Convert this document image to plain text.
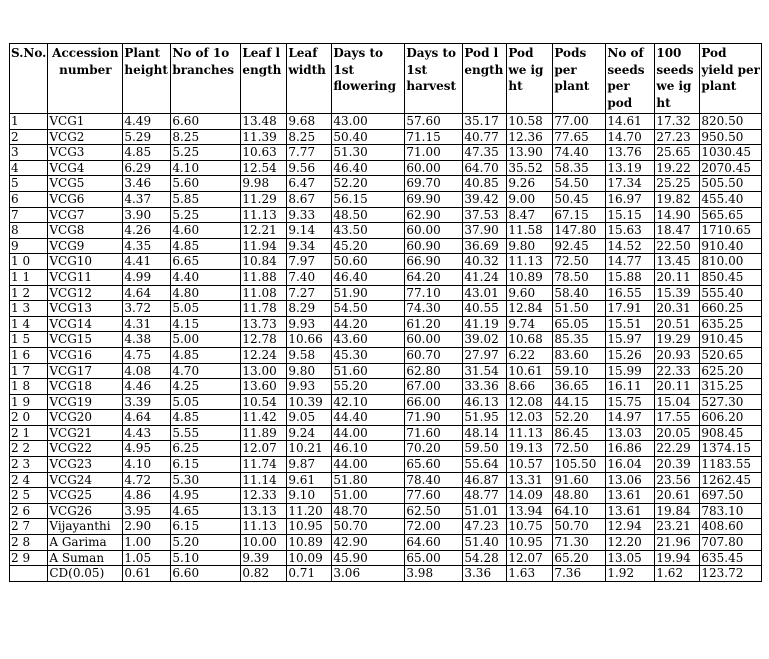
S.No.	Accession number	Plant height	No of 1o branches	Leaf l ength	Leaf width	Days to 1st flowering	Days to 1st harvest	Pod l ength	Pod we ig ht	Pods per plant	No of seeds per pod	100 seeds we ig ht	Pod yield per plant
1	VCG1	4.49	6.60	13.48	9.68	43.00	57.60	35.17	10.58	77.00	14.61	17.32	820.50
2	VCG2	5.29	8.25	11.39	8.25	50.40	71.15	40.77	12.36	77.65	14.70	27.23	950.50
3	VCG3	4.85	5.25	10.63	7.77	51.30	71.00	47.35	13.90	74.40	13.76	25.65	1030.45
4	VCG4	6.29	4.10	12.54	9.56	46.40	60.00	64.70	35.52	58.35	13.19	19.22	2070.45
5	VCG5	3.46	5.60	9.98	6.47	52.20	69.70	40.85	9.26	54.50	17.34	25.25	505.50
6	VCG6	4.37	5.85	11.29	8.67	56.15	69.90	39.42	9.00	50.45	16.97	19.82	455.40
7	VCG7	3.90	5.25	11.13	9.33	48.50	62.90	37.53	8.47	67.15	15.15	14.90	565.65
8	VCG8	4.26	4.60	12.21	9.14	43.50	60.00	37.90	11.58	147.80	15.63	18.47	1710.65
9	VCG9	4.35	4.85	11.94	9.34	45.20	60.90	36.69	9.80	92.45	14.52	22.50	910.40
1 0	VCG10	4.41	6.65	10.84	7.97	50.60	66.90	40.32	11.13	72.50	14.77	13.45	810.00
1 1	VCG11	4.99	4.40	11.88	7.40	46.40	64.20	41.24	10.89	78.50	15.88	20.11	850.45
1 2	VCG12	4.64	4.80	11.08	7.27	51.90	77.10	43.01	9.60	58.40	16.55	15.39	555.40
1 3	VCG13	3.72	5.05	11.78	8.29	54.50	74.30	40.55	12.84	51.50	17.91	20.31	660.25
1 4	VCG14	4.31	4.15	13.73	9.93	44.20	61.20	41.19	9.74	65.05	15.51	20.51	635.25
1 5	VCG15	4.38	5.00	12.78	10.66	43.60	60.00	39.02	10.68	85.35	15.97	19.29	910.45
1 6	VCG16	4.75	4.85	12.24	9.58	45.30	60.70	27.97	6.22	83.60	15.26	20.93	520.65
1 7	VCG17	4.08	4.70	13.00	9.80	51.60	62.80	31.54	10.61	59.10	15.99	22.33	625.20
1 8	VCG18	4.46	4.25	13.60	9.93	55.20	67.00	33.36	8.66	36.65	16.11	20.11	315.25
1 9	VCG19	3.39	5.05	10.54	10.39	42.10	66.00	46.13	12.08	44.15	15.75	15.04	527.30
2 0	VCG20	4.64	4.85	11.42	9.05	44.40	71.90	51.95	12.03	52.20	14.97	17.55	606.20
2 1	VCG21	4.43	5.55	11.89	9.24	44.00	71.60	48.14	11.13	86.45	13.03	20.05	908.45
2 2	VCG22	4.95	6.25	12.07	10.21	46.10	70.20	59.50	19.13	72.50	16.86	22.29	1374.15
2 3	VCG23	4.10	6.15	11.74	9.87	44.00	65.60	55.64	10.57	105.50	16.04	20.39	1183.55
2 4	VCG24	4.72	5.30	11.14	9.61	51.80	78.40	46.87	13.31	91.60	13.06	23.56	1262.45
2 5	VCG25	4.86	4.95	12.33	9.10	51.00	77.60	48.77	14.09	48.80	13.61	20.61	697.50
2 6	VCG26	3.95	4.65	13.13	11.20	48.70	62.50	51.01	13.94	64.10	13.61	19.84	783.10
2 7	Vijayanthi	2.90	6.15	11.13	10.95	50.70	72.00	47.23	10.75	50.70	12.94	23.21	408.60
2 8	A Garima	1.00	5.20	10.00	10.89	42.90	64.60	51.40	10.95	71.30	12.20	21.96	707.80
2 9	A Suman	1.05	5.10	9.39	10.09	45.90	65.00	54.28	12.07	65.20	13.05	19.94	635.45
	CD(0.05)	0.61	6.60	0.82	0.71	3.06	3.98	3.36	1.63	7.36	1.92	1.62	123.72
